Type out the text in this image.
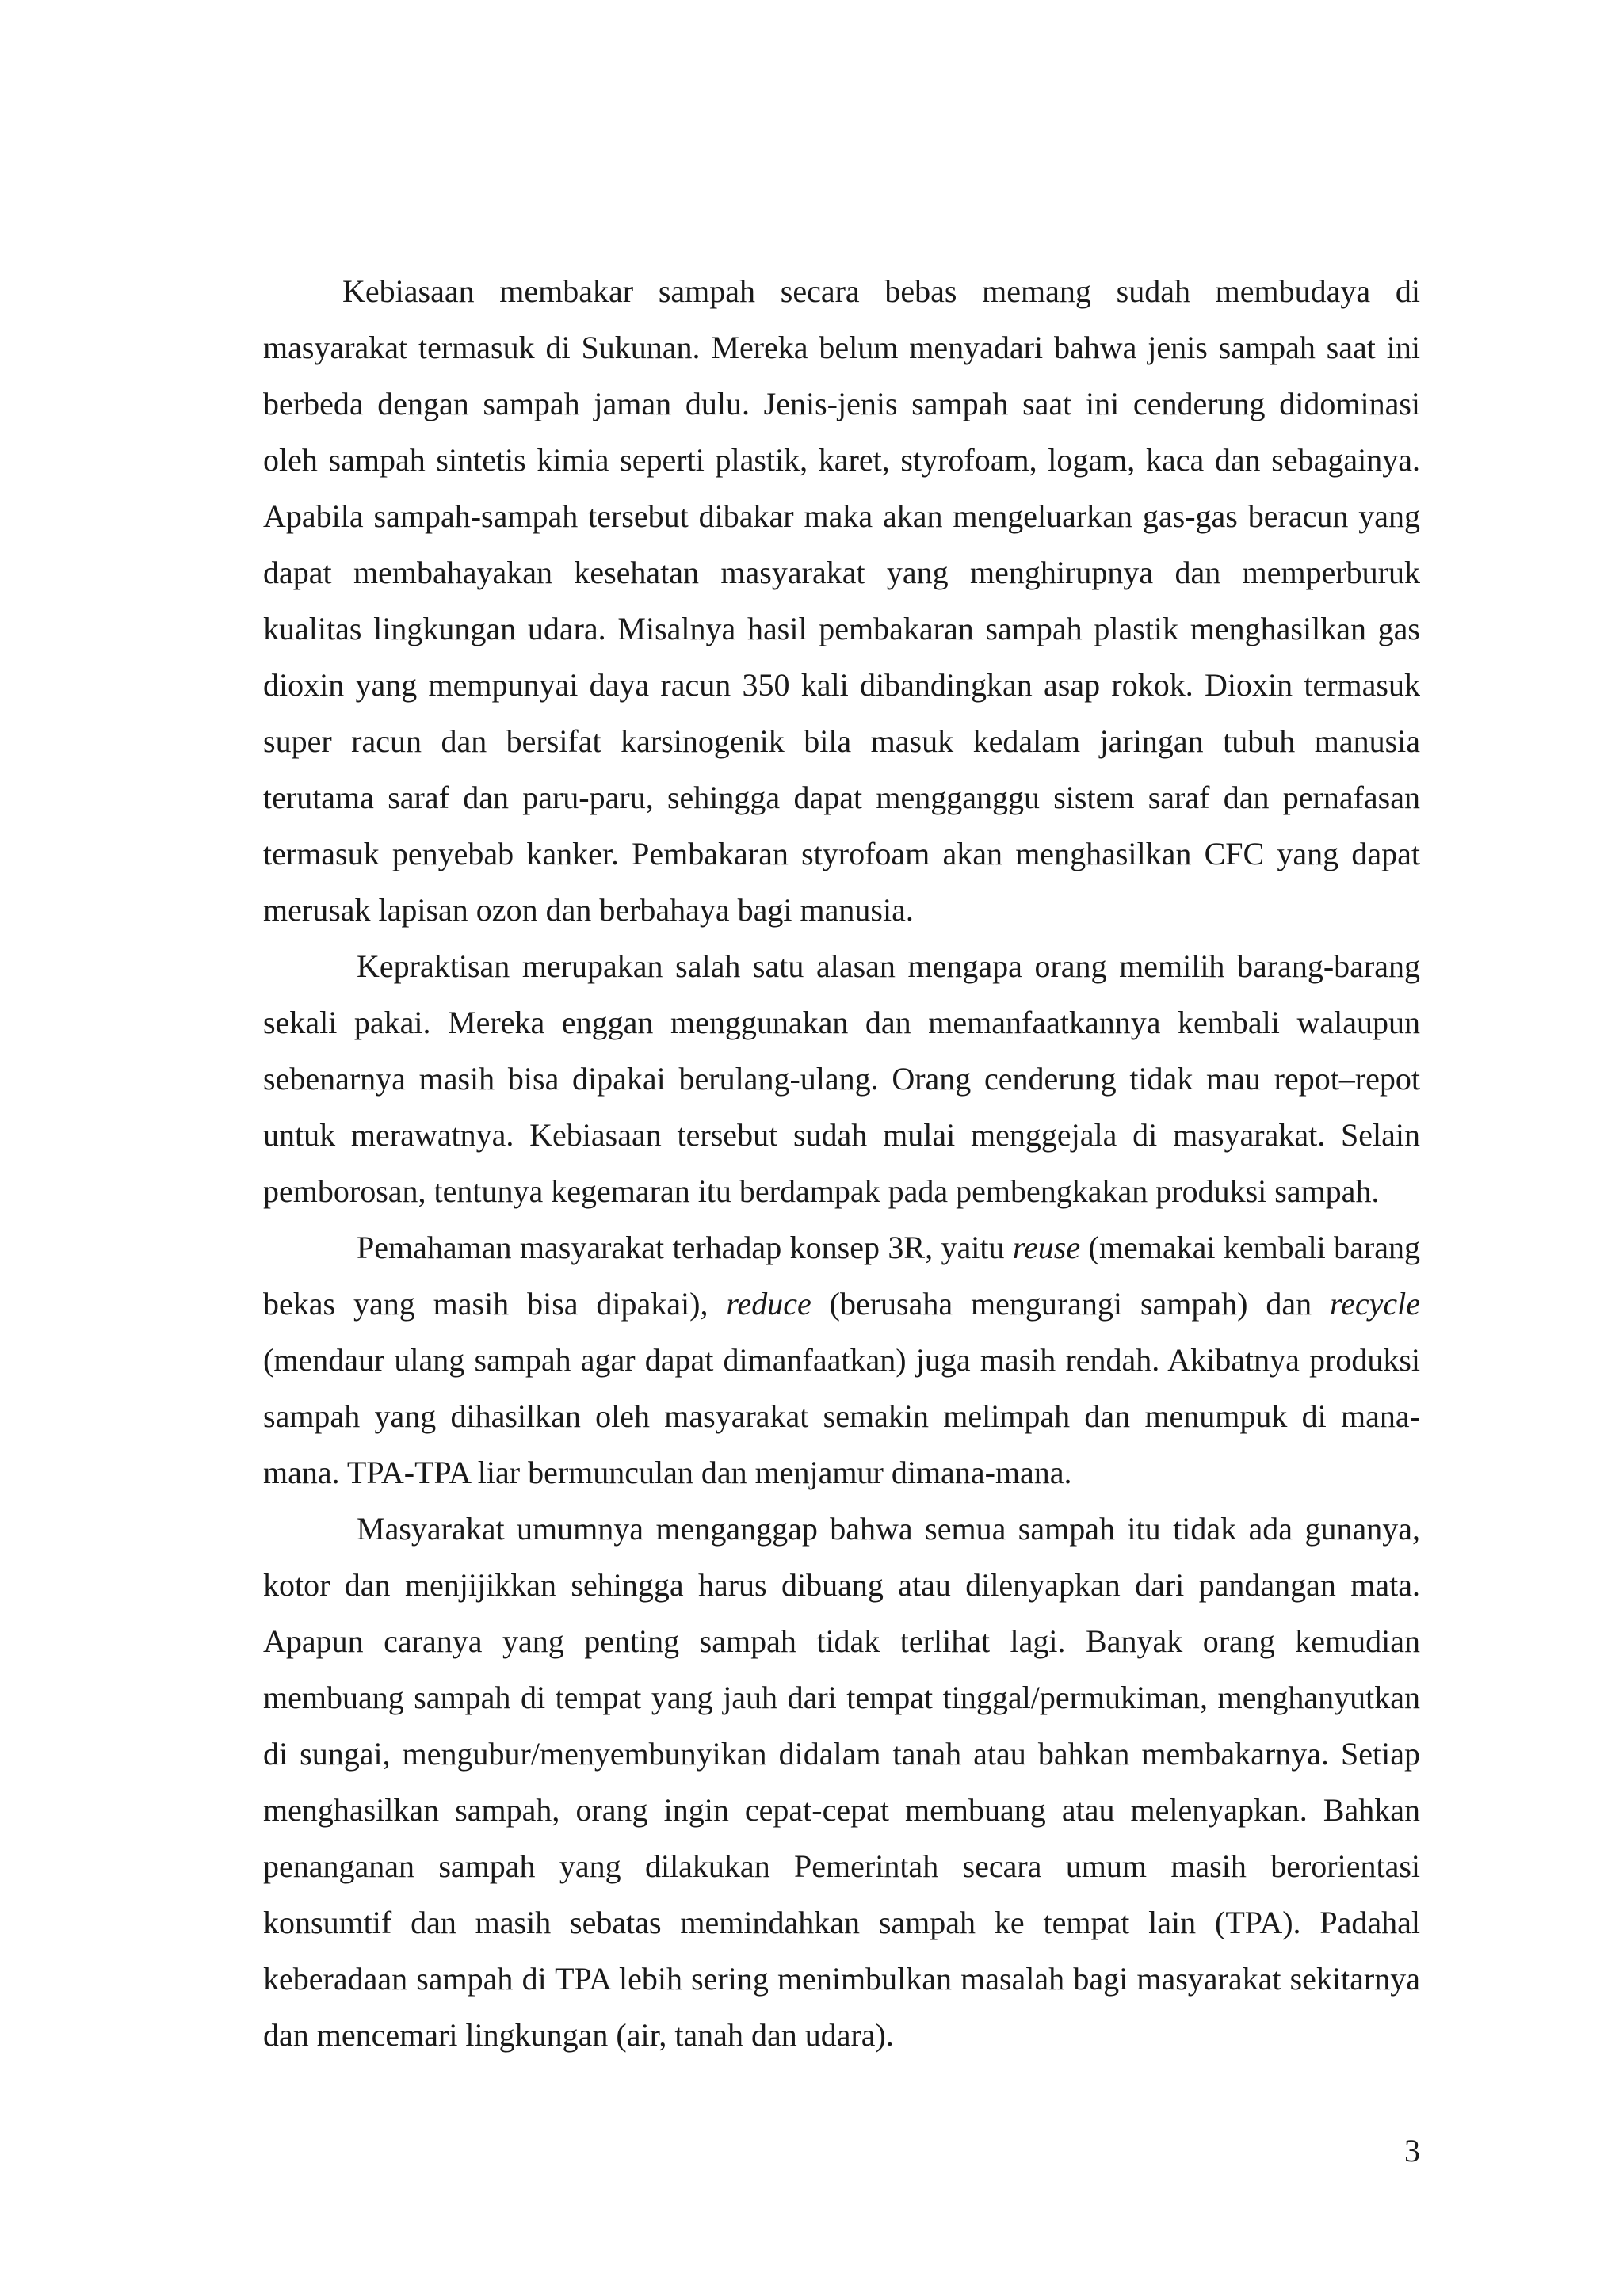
Kebiasaan membakar sampah secara bebas memang sudah membudaya di masyarakat termasuk di Sukunan. Mereka belum menyadari bahwa jenis sampah saat ini berbeda dengan sampah jaman dulu. Jenis-jenis sampah saat ini cenderung didominasi oleh sampah sintetis kimia seperti plastik, karet, styrofoam, logam, kaca dan sebagainya. Apabila sampah-sampah tersebut dibakar maka akan mengeluarkan gas-gas beracun yang dapat membahayakan kesehatan masyarakat yang menghirupnya dan memperburuk kualitas lingkungan udara. Misalnya hasil pembakaran sampah plastik menghasilkan gas dioxin yang mempunyai daya racun 350 kali dibandingkan asap rokok. Dioxin termasuk super racun dan bersifat karsinogenik bila masuk kedalam jaringan tubuh manusia terutama saraf dan paru-paru, sehingga dapat mengganggu sistem saraf dan pernafasan termasuk penyebab kanker. Pembakaran styrofoam akan menghasilkan CFC yang dapat merusak lapisan ozon dan berbahaya bagi manusia.

Kepraktisan merupakan salah satu alasan mengapa orang memilih barang-barang sekali pakai. Mereka enggan menggunakan dan memanfaatkannya kembali walaupun sebenarnya masih bisa dipakai berulang-ulang. Orang cenderung tidak mau repot–repot untuk merawatnya. Kebiasaan tersebut sudah mulai menggejala di masyarakat. Selain pemborosan, tentunya kegemaran itu berdampak pada pembengkakan produksi sampah.

Pemahaman masyarakat terhadap konsep 3R, yaitu reuse (memakai kembali barang bekas yang masih bisa dipakai), reduce (berusaha mengurangi sampah) dan recycle (mendaur ulang sampah agar dapat dimanfaatkan) juga masih rendah. Akibatnya produksi sampah yang dihasilkan oleh masyarakat semakin melimpah dan menumpuk di mana-mana. TPA-TPA liar bermunculan dan menjamur dimana-mana.

Masyarakat umumnya menganggap bahwa semua sampah itu tidak ada gunanya, kotor dan menjijikkan sehingga harus dibuang atau dilenyapkan dari pandangan mata. Apapun caranya yang penting sampah tidak terlihat lagi. Banyak orang kemudian membuang sampah di tempat yang jauh dari tempat tinggal/permukiman, menghanyutkan di sungai, mengubur/menyembunyikan didalam tanah atau bahkan membakarnya. Setiap menghasilkan sampah, orang ingin cepat-cepat membuang atau melenyapkan. Bahkan penanganan sampah yang dilakukan Pemerintah secara umum masih berorientasi konsumtif dan masih sebatas memindahkan sampah ke tempat lain (TPA). Padahal keberadaan sampah di TPA lebih sering menimbulkan masalah bagi masyarakat sekitarnya dan mencemari lingkungan (air, tanah dan udara).

3
